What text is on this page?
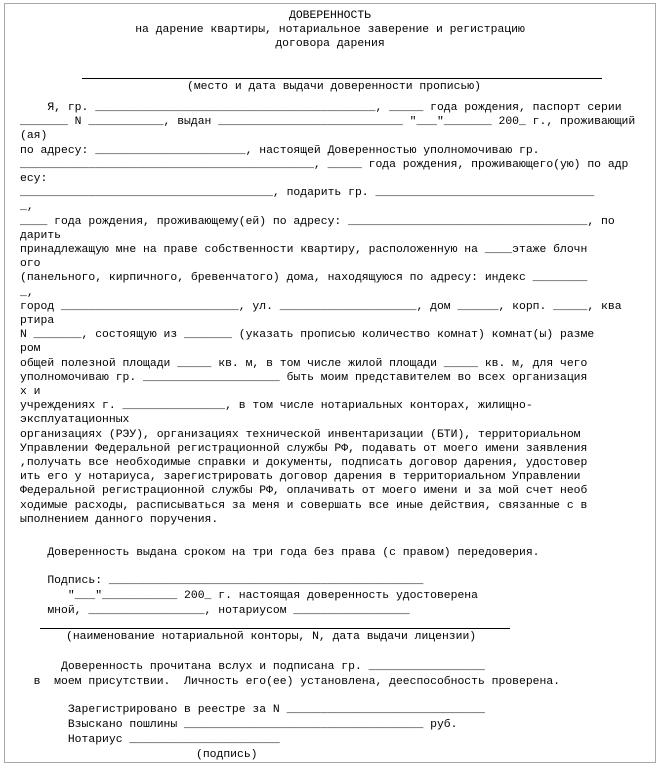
ДОВЕРЕННОСТЬ
на дарение квартиры, нотариальное заверение и регистрацию
договора дарения
(место и дата выдачи доверенности прописью)
Я, гр. _________________________________________, _____ года рождения, паспорт серии
_______ N ___________, выдан ___________________________ "___"_______ 200_ г., проживающий
(ая)
по адресу: ______________________, настоящей Доверенностью уполномочиваю гр.
___________________________________________, _____ года рождения, проживающего(ую) по адр
есу:
_____________________________________, подарить гр. ________________________________
_,
____ года рождения, проживающему(ей) по адресу: ___________________________________, по
дарить
принадлежащую мне на праве собственности квартиру, расположенную на ____этаже блочн
ого
(панельного, кирпичного, бревенчатого) дома, находящуюся по адресу: индекс ________
_,
город __________________________, ул. ____________________, дом ______, корп. _____, ква
ртира
N _______, состоящую из _______ (указать прописью количество комнат) комнат(ы) разме
ром
общей полезной площади _____ кв. м, в том числе жилой площади _____ кв. м, для чего
уполномочиваю гр. ____________________ быть моим представителем во всех организация
х и
учреждениях г. _______________, в том числе нотариальных конторах, жилищно-
эксплуатационных
организациях (РЭУ), организациях технической инвентаризации (БТИ), территориальном
Управлении Федеральной регистрационной службы РФ, подавать от моего имени заявления
,получать все необходимые справки и документы, подписать договор дарения, удостовер
ить его у нотариуса, зарегистрировать договор дарения в территориальном Управлении
Федеральной регистрационной службы РФ, оплачивать от моего имени и за мой счет необ
ходимые расходы, расписываться за меня и совершать все иные действия, связанные с в
ыполнением данного поручения.
Доверенность выдана сроком на три года без права (с правом) передоверия.
Подпись: ______________________________________________
"___"___________ 200_ г. настоящая доверенность удостоверена
мной, _________________, нотариусом _________________
(наименование нотариальной конторы, N, дата выдачи лицензии)
Доверенность прочитана вслух и подписана гр. _________________
в  моем присутствии.  Личность его(ее) установлена, дееспособность проверена.
Зарегистрировано в реестре за N _____________________________
Взыскано пошлины ___________________________________ руб.
Нотариус ______________________
(подпись)
